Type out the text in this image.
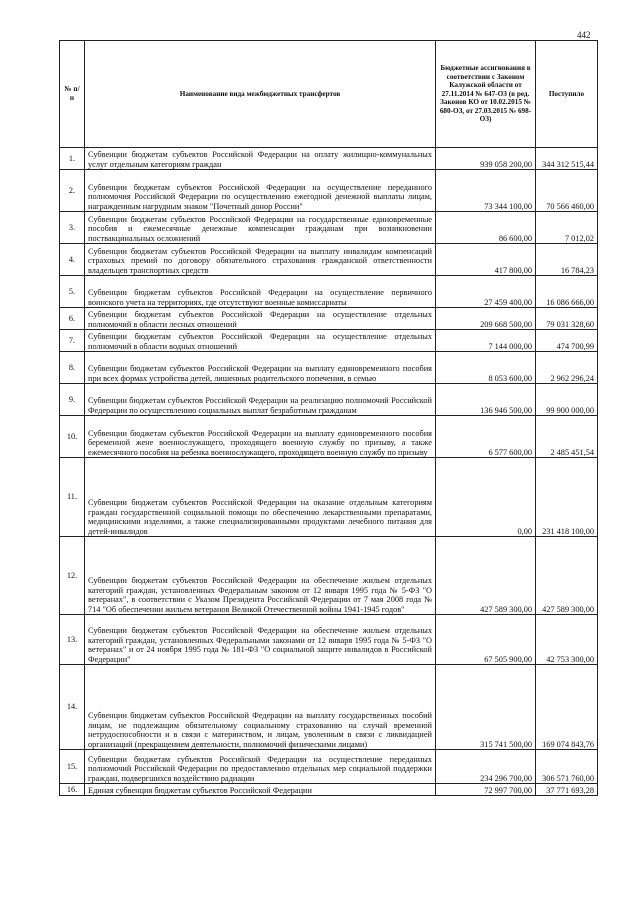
442
№ п/п	Наименование вида межбюджетных трансфертов	Бюджетные ассигнования в соответствии с Законом Калужской области от 27.11.2014 № 647-ОЗ (в ред. Законов КО от 10.02.2015 № 680-ОЗ, от 27.03.2015 № 698-ОЗ)	Поступило
1.	Субвенции бюджетам субъектов Российской Федерации на оплату жилищно-коммунальных услуг отдельным категориям граждан	939 058 200,00	344 312 515,44
2.	Субвенции бюджетам субъектов Российской Федерации на осуществление переданного полномочия Российской Федерации по осуществлению ежегодной денежной выплаты лицам, награжденным нагрудным знаком "Почетный донор России"	73 344 100,00	70 566 460,00
3.	Субвенции бюджетам субъектов Российской Федерации на государственные единовременные пособия и ежемесячные денежные компенсации гражданам при возникновении поствакцинальных осложнений	86 600,00	7 012,02
4.	Субвенции бюджетам субъектов Российской Федерации на выплату инвалидам компенсаций страховых премий по договору обязательного страхования гражданской ответственности владельцев транспортных средств	417 800,00	16 784,23
5.	Субвенции бюджетам субъектов Российской Федерации на осуществление первичного воинского учета на территориях, где отсутствуют военные комиссариаты	27 459 400,00	16 086 666,00
6.	Субвенции бюджетам субъектов Российской Федерации на осуществление отдельных полномочий в области лесных отношений	209 668 500,00	79 031 328,60
7.	Субвенции бюджетам субъектов Российской Федерации на осуществление отдельных полномочий в области водных отношений	7 144 000,00	474 700,99
8.	Субвенции бюджетам субъектов Российской Федерации на выплату единовременного пособия при всех формах устройства детей, лишенных родительского попечения, в семью	8 053 600,00	2 962 296,24
9.	Субвенции бюджетам субъектов Российской Федерации на реализацию полномочий Российской Федерации по осуществлению социальных выплат безработным гражданам	136 946 500,00	99 900 000,00
10.	Субвенции бюджетам субъектов Российской Федерации на выплату единовременного пособия беременной жене военнослужащего, проходящего военную службу по призыву, а также ежемесячного пособия на ребенка военнослужащего, проходящего военную службу по призыву	6 577 600,00	2 485 451,54
11.	Субвенции бюджетам субъектов Российской Федерации на оказание отдельным категориям граждан государственной социальной помощи по обеспечению лекарственными препаратами, медицинскими изделиями, а также специализированными продуктами лечебного питания для детей-инвалидов	0,00	231 418 100,00
12.	Субвенции бюджетам субъектов Российской Федерации на обеспечение жильем отдельных категорий граждан, установленных Федеральным законом от 12 января 1995 года № 5-ФЗ "О ветеранах", в соответствии с Указом Президента Российской Федерации от 7 мая 2008 года № 714 "Об обеспечении жильем ветеранов Великой Отечественной войны 1941-1945 годов"	427 589 300,00	427 589 300,00
13.	Субвенции бюджетам субъектов Российской Федерации на обеспечение жильем отдельных категорий граждан, установленных Федеральными законами от 12 января 1995 года № 5-ФЗ "О ветеранах" и от 24 ноября 1995 года № 181-ФЗ "О социальной защите инвалидов в Российской Федерации"	67 505 900,00	42 753 300,00
14.	Субвенции бюджетам субъектов Российской Федерации на выплату государственных пособий лицам, не подлежащим обязательному социальному страхованию на случай временной нетрудоспособности и в связи с материнством, и лицам, уволенным в связи с ликвидацией организаций (прекращением деятельности, полномочий физическими лицами)	315 741 500,00	169 074 843,76
15.	Субвенции бюджетам субъектов Российской Федерации на осуществление переданных полномочий Российской Федерации по предоставлению отдельных мер социальной поддержки граждан, подвергшихся воздействию радиации	234 296 700,00	306 571 760,00
16.	Единая субвенция бюджетам субъектов Российской Федерации	72 997 700,00	37 771 693,28
